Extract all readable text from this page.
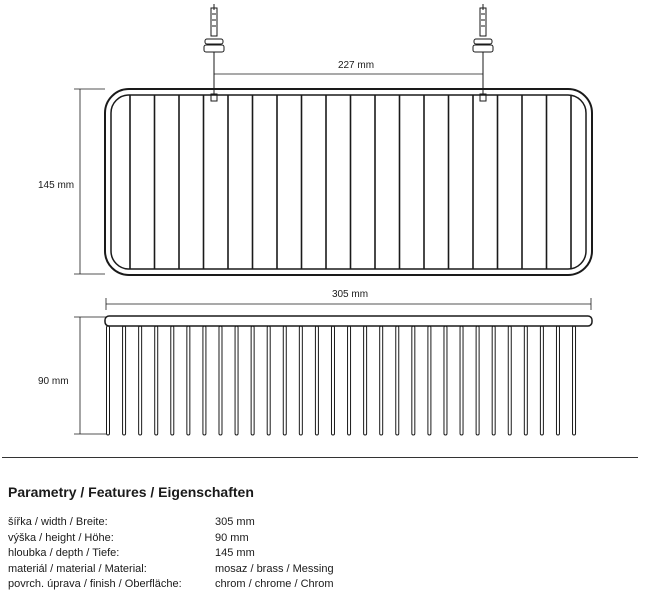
227 mm
145 mm
305 mm
90 mm
Parametry / Features / Eigenschaften
šířka / width / Breite:	305 mm
výška / height / Höhe:	90 mm
hloubka / depth / Tiefe:	145 mm
materiál / material / Material:	mosaz / brass / Messing
povrch. úprava / finish / Oberfläche:	chrom / chrome / Chrom
